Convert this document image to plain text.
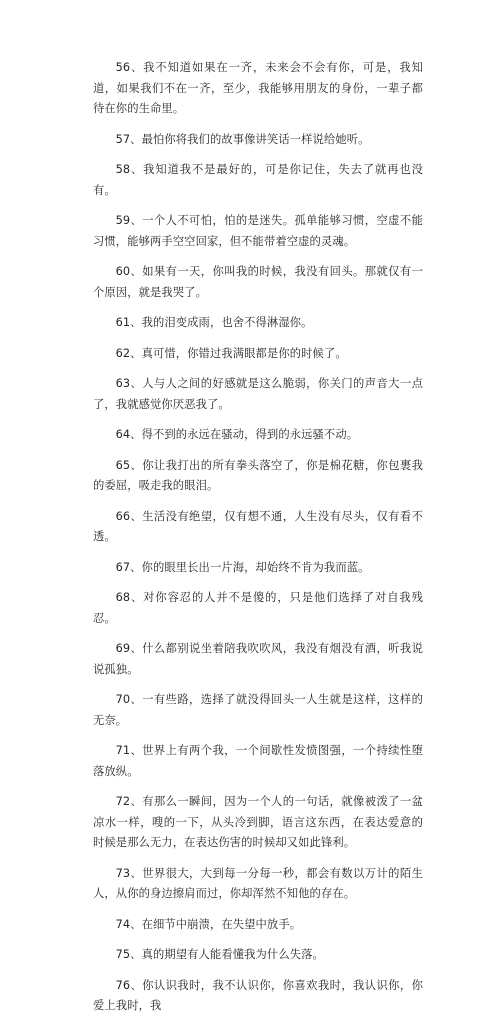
56、我不知道如果在一齐，未来会不会有你，可是，我知道，如果我们不在一齐，至少，我能够用朋友的身份，一辈子都待在你的生命里。

57、最怕你将我们的故事像讲笑话一样说给她听。

58、我知道我不是最好的，可是你记住，失去了就再也没有。

59、一个人不可怕，怕的是迷失。孤单能够习惯，空虚不能习惯，能够两手空空回家，但不能带着空虚的灵魂。

60、如果有一天，你叫我的时候，我没有回头。那就仅有一个原因，就是我哭了。

61、我的泪变成雨，也舍不得淋湿你。

62、真可惜，你错过我满眼都是你的时候了。

63、人与人之间的好感就是这么脆弱，你关门的声音大一点了，我就感觉你厌恶我了。

64、得不到的永远在骚动，得到的永远骚不动。

65、你让我打出的所有拳头落空了，你是棉花糖，你包裹我的委屈，吸走我的眼泪。

66、生活没有绝望，仅有想不通，人生没有尽头，仅有看不透。

67、你的眼里长出一片海，却始终不肯为我而蓝。

68、对你容忍的人并不是傻的，只是他们选择了对自我残忍。

69、什么都别说坐着陪我吹吹风，我没有烟没有酒，听我说说孤独。

70、一有些路，选择了就没得回头一人生就是这样，这样的无奈。

71、世界上有两个我，一个间歇性发愤图强，一个持续性堕落放纵。

72、有那么一瞬间，因为一个人的一句话，就像被泼了一盆凉水一样，嗖的一下，从头冷到脚，语言这东西，在表达爱意的时候是那么无力，在表达伤害的时候却又如此锋利。

73、世界很大，大到每一分每一秒，都会有数以万计的陌生人，从你的身边擦肩而过，你却浑然不知他的存在。

74、在细节中崩溃，在失望中放手。

75、真的期望有人能看懂我为什么失落。

76、你认识我时，我不认识你，你喜欢我时，我认识你，你爱上我时，我
